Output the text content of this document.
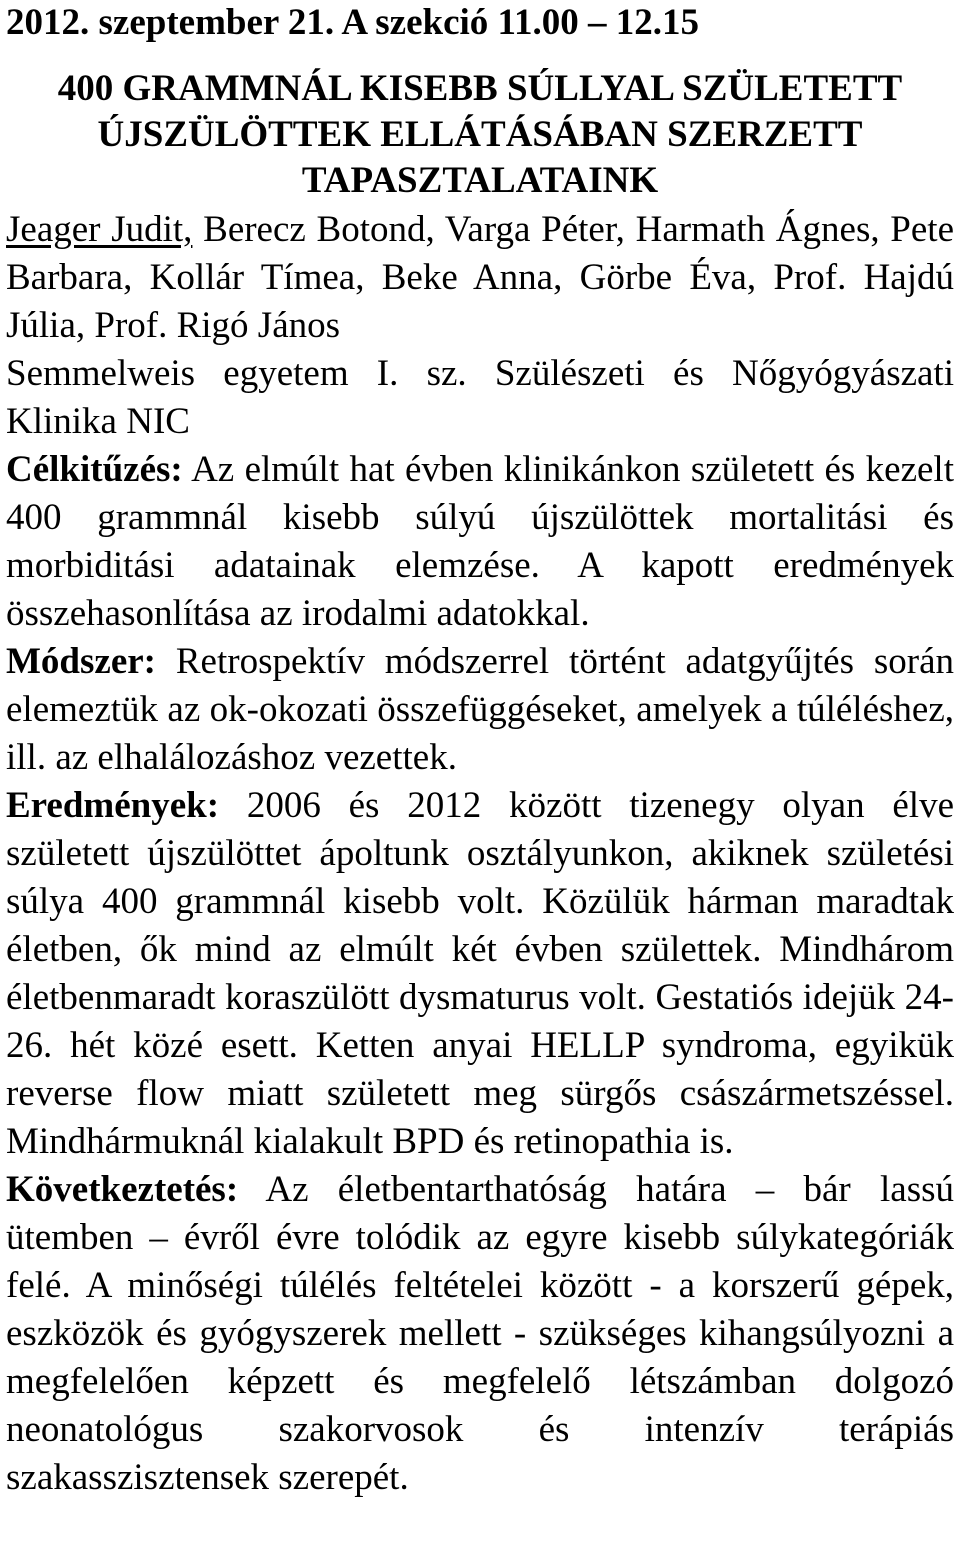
2012. szeptember 21. A szekció 11.00 – 12.15

400 GRAMMNÁL KISEBB SÚLLYAL SZÜLETETT
ÚJSZÜLÖTTEK ELLÁTÁSÁBAN SZERZETT
TAPASZTALATAINK

Jeager Judit, Berecz Botond, Varga Péter, Harmath Ágnes, Pete Barbara, Kollár Tímea, Beke Anna, Görbe Éva, Prof. Hajdú Júlia, Prof. Rigó János

Semmelweis egyetem I. sz. Szülészeti és Nőgyógyászati Klinika NIC

Célkitűzés: Az elmúlt hat évben klinikánkon született és kezelt 400 grammnál kisebb súlyú újszülöttek mortalitási és morbiditási adatainak elemzése. A kapott eredmények összehasonlítása az irodalmi adatokkal.

Módszer: Retrospektív módszerrel történt adatgyűjtés során elemeztük az ok-okozati összefüggéseket, amelyek a túléléshez, ill. az elhalálozáshoz vezettek.

Eredmények: 2006 és 2012 között tizenegy olyan élve született újszülöttet ápoltunk osztályunkon, akiknek születési súlya 400 grammnál kisebb volt. Közülük hárman maradtak életben, ők mind az elmúlt két évben születtek. Mindhárom életbenmaradt koraszülött dysmaturus volt. Gestatiós idejük 24-26. hét közé esett. Ketten anyai HELLP syndroma, egyikük reverse flow miatt született meg sürgős császármetszéssel. Mindhármuknál kialakult BPD és retinopathia is.

Következtetés: Az életbentarthatóság határa – bár lassú ütemben – évről évre tolódik az egyre kisebb súlykategóriák felé. A minőségi túlélés feltételei között - a korszerű gépek, eszközök és gyógyszerek mellett - szükséges kihangsúlyozni a megfelelően képzett és megfelelő létszámban dolgozó neonatológus szakorvosok és intenzív terápiás szakasszisztensek szerepét.
